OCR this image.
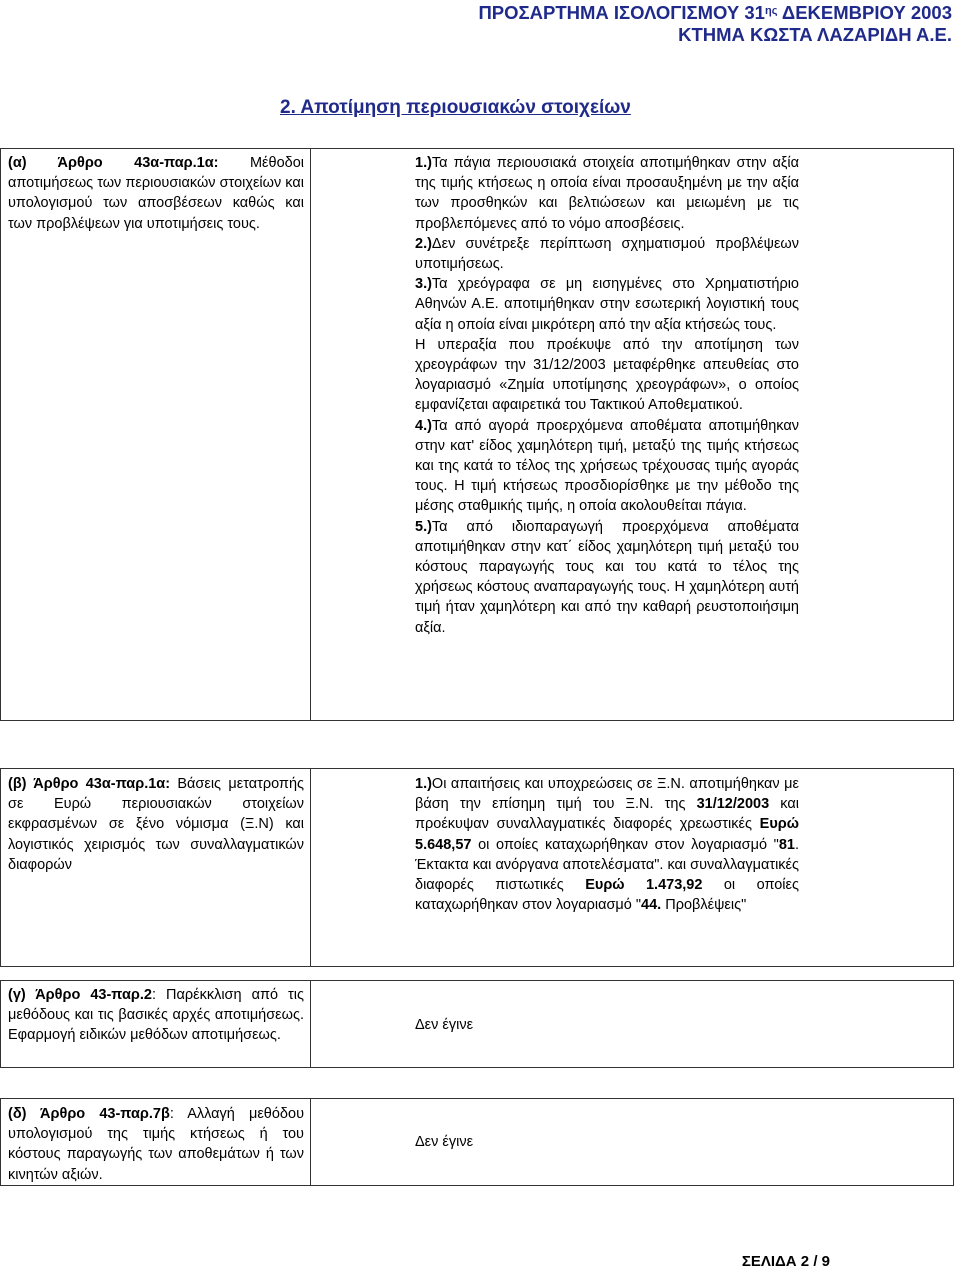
ΠΡΟΣΑΡΤΗΜΑ ΙΣΟΛΟΓΙΣΜΟΥ $31^{\eta\varsigma}$ ΔΕΚΕΜΒΡΙΟΥ 2003
ΚΤΗΜΑ ΚΩΣΤΑ ΛΑΖΑΡΙΔΗ Α.Ε.
2. Αποτίμηση περιουσιακών στοιχείων
(α) Άρθρο 43α-παρ.1α: Μέθοδοι αποτιμήσεως των περιουσιακών στοιχείων και υπολογισμού των αποσβέσεων καθώς και των προβλέψεων για υποτιμήσεις τους.

1.)Τα πάγια περιουσιακά στοιχεία αποτιμήθηκαν στην αξία της τιμής κτήσεως η οποία είναι προσαυξημένη με την αξία των προσθηκών και βελτιώσεων και μειωμένη με τις προβλεπόμενες από το νόμο αποσβέσεις.

2.)Δεν συνέτρεξε περίπτωση σχηματισμού προβλέψεων υποτιμήσεως.

3.)Τα χρεόγραφα σε μη εισηγμένες στο Χρηματιστήριο Αθηνών Α.Ε. αποτιμήθηκαν στην εσωτερική λογιστική τους αξία η οποία είναι μικρότερη από την αξία κτήσεώς τους.

Η υπεραξία που προέκυψε από την αποτίμηση των χρεογράφων την 31/12/2003 μεταφέρθηκε απευθείας στο λογαριασμό «Ζημία υποτίμησης χρεογράφων», ο οποίος εμφανίζεται αφαιρετικά του Τακτικού Αποθεματικού.

4.)Τα από αγορά προερχόμενα αποθέματα αποτιμήθηκαν στην κατ' είδος χαμηλότερη τιμή, μεταξύ της τιμής κτήσεως και της κατά το τέλος της χρήσεως τρέχουσας τιμής αγοράς τους. Η τιμή κτήσεως προσδιορίσθηκε με την μέθοδο της μέσης σταθμικής τιμής, η οποία ακολουθείται πάγια.

5.)Τα από ιδιοπαραγωγή προερχόμενα αποθέματα αποτιμήθηκαν στην κατ΄ είδος χαμηλότερη τιμή μεταξύ του κόστους παραγωγής τους και του κατά το τέλος της χρήσεως κόστους αναπαραγωγής τους. Η χαμηλότερη αυτή τιμή ήταν χαμηλότερη και από την καθαρή ρευστοποιήσιμη αξία.

(β) Άρθρο 43α-παρ.1α: Βάσεις μετατροπής σε Ευρώ περιουσιακών στοιχείων εκφρασμένων σε ξένο νόμισμα (Ξ.Ν) και λογιστικός χειρισμός των συναλλαγματικών διαφορών
1.)Οι απαιτήσεις και υποχρεώσεις σε Ξ.Ν. αποτιμήθηκαν με βάση την επίσημη τιμή του Ξ.Ν. της 31/12/2003 και προέκυψαν συναλλαγματικές διαφορές χρεωστικές Ευρώ 5.648,57 οι οποίες καταχωρήθηκαν στον λογαριασμό "81. Έκτακτα και ανόργανα αποτελέσματα". και συναλλαγματικές διαφορές πιστωτικές Ευρώ 1.473,92 οι οποίες καταχωρήθηκαν στον λογαριασμό "44. Προβλέψεις"
(γ) Άρθρο 43-παρ.2: Παρέκκλιση από τις μεθόδους και τις βασικές αρχές αποτιμήσεως. Εφαρμογή ειδικών μεθόδων αποτιμήσεως.
Δεν έγινε
(δ) Άρθρο 43-παρ.7β: Αλλαγή μεθόδου υπολογισμού της τιμής κτήσεως ή του κόστους παραγωγής των αποθεμάτων ή των κινητών αξιών.
Δεν έγινε
ΣΕΛΙΔΑ 2 / 9
